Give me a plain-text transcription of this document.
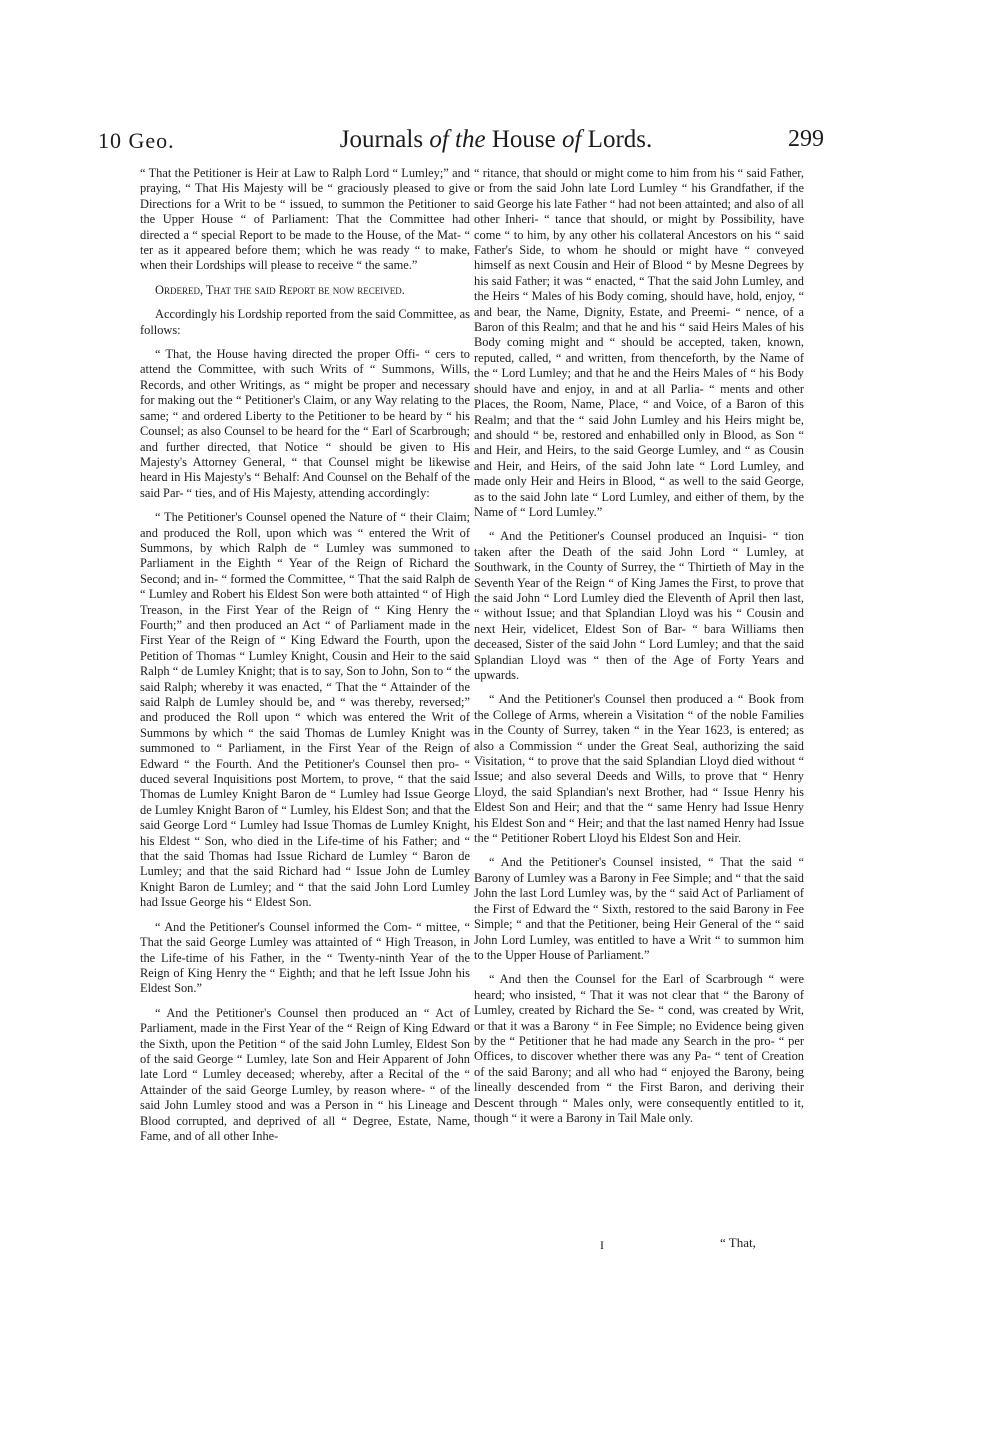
10 Geo.	Journals of the House of Lords.	299

“ That the Petitioner is Heir at Law to Ralph Lord “ Lumley;” and praying, “ That His Majesty will be “ graciously pleased to give Directions for a Writ to be “ issued, to summon the Petitioner to the Upper House “ of Parliament: That the Committee had directed a “ special Report to be made to the House, of the Mat- “ ter as it appeared before them; which he was ready “ to make, when their Lordships will please to receive “ the same.”

Ordered, That the said Report be now received.

Accordingly his Lordship reported from the said Committee, as follows:

“ That, the House having directed the proper Offi- “ cers to attend the Committee, with such Writs of “ Summons, Wills, Records, and other Writings, as “ might be proper and necessary for making out the “ Petitioner's Claim, or any Way relating to the same; “ and ordered Liberty to the Petitioner to be heard by “ his Counsel; as also Counsel to be heard for the “ Earl of Scarbrough; and further directed, that Notice “ should be given to His Majesty's Attorney General, “ that Counsel might be likewise heard in His Majesty's “ Behalf: And Counsel on the Behalf of the said Par- “ ties, and of His Majesty, attending accordingly:

“ The Petitioner's Counsel opened the Nature of “ their Claim; and produced the Roll, upon which was “ entered the Writ of Summons, by which Ralph de “ Lumley was summoned to Parliament in the Eighth “ Year of the Reign of Richard the Second; and in- “ formed the Committee, “ That the said Ralph de “ Lumley and Robert his Eldest Son were both attainted “ of High Treason, in the First Year of the Reign of “ King Henry the Fourth;” and then produced an Act “ of Parliament made in the First Year of the Reign of “ King Edward the Fourth, upon the Petition of Thomas “ Lumley Knight, Cousin and Heir to the said Ralph “ de Lumley Knight; that is to say, Son to John, Son to “ the said Ralph; whereby it was enacted, “ That the “ Attainder of the said Ralph de Lumley should be, and “ was thereby, reversed;” and produced the Roll upon “ which was entered the Writ of Summons by which “ the said Thomas de Lumley Knight was summoned to “ Parliament, in the First Year of the Reign of Edward “ the Fourth. And the Petitioner's Counsel then pro- “ duced several Inquisitions post Mortem, to prove, “ that the said Thomas de Lumley Knight Baron de “ Lumley had Issue George de Lumley Knight Baron of “ Lumley, his Eldest Son; and that the said George Lord “ Lumley had Issue Thomas de Lumley Knight, his Eldest “ Son, who died in the Life-time of his Father; and “ that the said Thomas had Issue Richard de Lumley “ Baron de Lumley; and that the said Richard had “ Issue John de Lumley Knight Baron de Lumley; and “ that the said John Lord Lumley had Issue George his “ Eldest Son.

“ And the Petitioner's Counsel informed the Com- “ mittee, “ That the said George Lumley was attainted of “ High Treason, in the Life-time of his Father, in the “ Twenty-ninth Year of the Reign of King Henry the “ Eighth; and that he left Issue John his Eldest Son.”

“ And the Petitioner's Counsel then produced an “ Act of Parliament, made in the First Year of the “ Reign of King Edward the Sixth, upon the Petition “ of the said John Lumley, Eldest Son of the said George “ Lumley, late Son and Heir Apparent of John late Lord “ Lumley deceased; whereby, after a Recital of the “ Attainder of the said George Lumley, by reason where- “ of the said John Lumley stood and was a Person in “ his Lineage and Blood corrupted, and deprived of all “ Degree, Estate, Name, Fame, and of all other Inhe-

“ ritance, that should or might come to him from his “ said Father, or from the said John late Lord Lumley “ his Grandfather, if the said George his late Father “ had not been attainted; and also of all other Inheri- “ tance that should, or might by Possibility, have come “ to him, by any other his collateral Ancestors on his “ said Father's Side, to whom he should or might have “ conveyed himself as next Cousin and Heir of Blood “ by Mesne Degrees by his said Father; it was “ enacted, “ That the said John Lumley, and the Heirs “ Males of his Body coming, should have, hold, enjoy, “ and bear, the Name, Dignity, Estate, and Preemi- “ nence, of a Baron of this Realm; and that he and his “ said Heirs Males of his Body coming might and “ should be accepted, taken, known, reputed, called, “ and written, from thenceforth, by the Name of the “ Lord Lumley; and that he and the Heirs Males of “ his Body should have and enjoy, in and at all Parlia- “ ments and other Places, the Room, Name, Place, “ and Voice, of a Baron of this Realm; and that the “ said John Lumley and his Heirs might be, and should “ be, restored and enhabilled only in Blood, as Son “ and Heir, and Heirs, to the said George Lumley, and “ as Cousin and Heir, and Heirs, of the said John late “ Lord Lumley, and made only Heir and Heirs in Blood, “ as well to the said George, as to the said John late “ Lord Lumley, and either of them, by the Name of “ Lord Lumley.”

“ And the Petitioner's Counsel produced an Inquisi- “ tion taken after the Death of the said John Lord “ Lumley, at Southwark, in the County of Surrey, the “ Thirtieth of May in the Seventh Year of the Reign “ of King James the First, to prove that the said John “ Lord Lumley died the Eleventh of April then last, “ without Issue; and that Splandian Lloyd was his “ Cousin and next Heir, videlicet, Eldest Son of Bar- “ bara Williams then deceased, Sister of the said John “ Lord Lumley; and that the said Splandian Lloyd was “ then of the Age of Forty Years and upwards.

“ And the Petitioner's Counsel then produced a “ Book from the College of Arms, wherein a Visitation “ of the noble Families in the County of Surrey, taken “ in the Year 1623, is entered; as also a Commission “ under the Great Seal, authorizing the said Visitation, “ to prove that the said Splandian Lloyd died without “ Issue; and also several Deeds and Wills, to prove that “ Henry Lloyd, the said Splandian's next Brother, had “ Issue Henry his Eldest Son and Heir; and that the “ same Henry had Issue Henry his Eldest Son and “ Heir; and that the last named Henry had Issue the “ Petitioner Robert Lloyd his Eldest Son and Heir.

“ And the Petitioner's Counsel insisted, “ That the said “ Barony of Lumley was a Barony in Fee Simple; and “ that the said John the last Lord Lumley was, by the “ said Act of Parliament of the First of Edward the “ Sixth, restored to the said Barony in Fee Simple; “ and that the Petitioner, being Heir General of the “ said John Lord Lumley, was entitled to have a Writ “ to summon him to the Upper House of Parliament.”

“ And then the Counsel for the Earl of Scarbrough “ were heard; who insisted, “ That it was not clear that “ the Barony of Lumley, created by Richard the Se- “ cond, was created by Writ, or that it was a Barony “ in Fee Simple; no Evidence being given by the “ Petitioner that he had made any Search in the pro- “ per Offices, to discover whether there was any Pa- “ tent of Creation of the said Barony; and all who had “ enjoyed the Barony, being lineally descended from “ the First Baron, and deriving their Descent through “ Males only, were consequently entitled to it, though “ it were a Barony in Tail Male only.

I	“ That,
